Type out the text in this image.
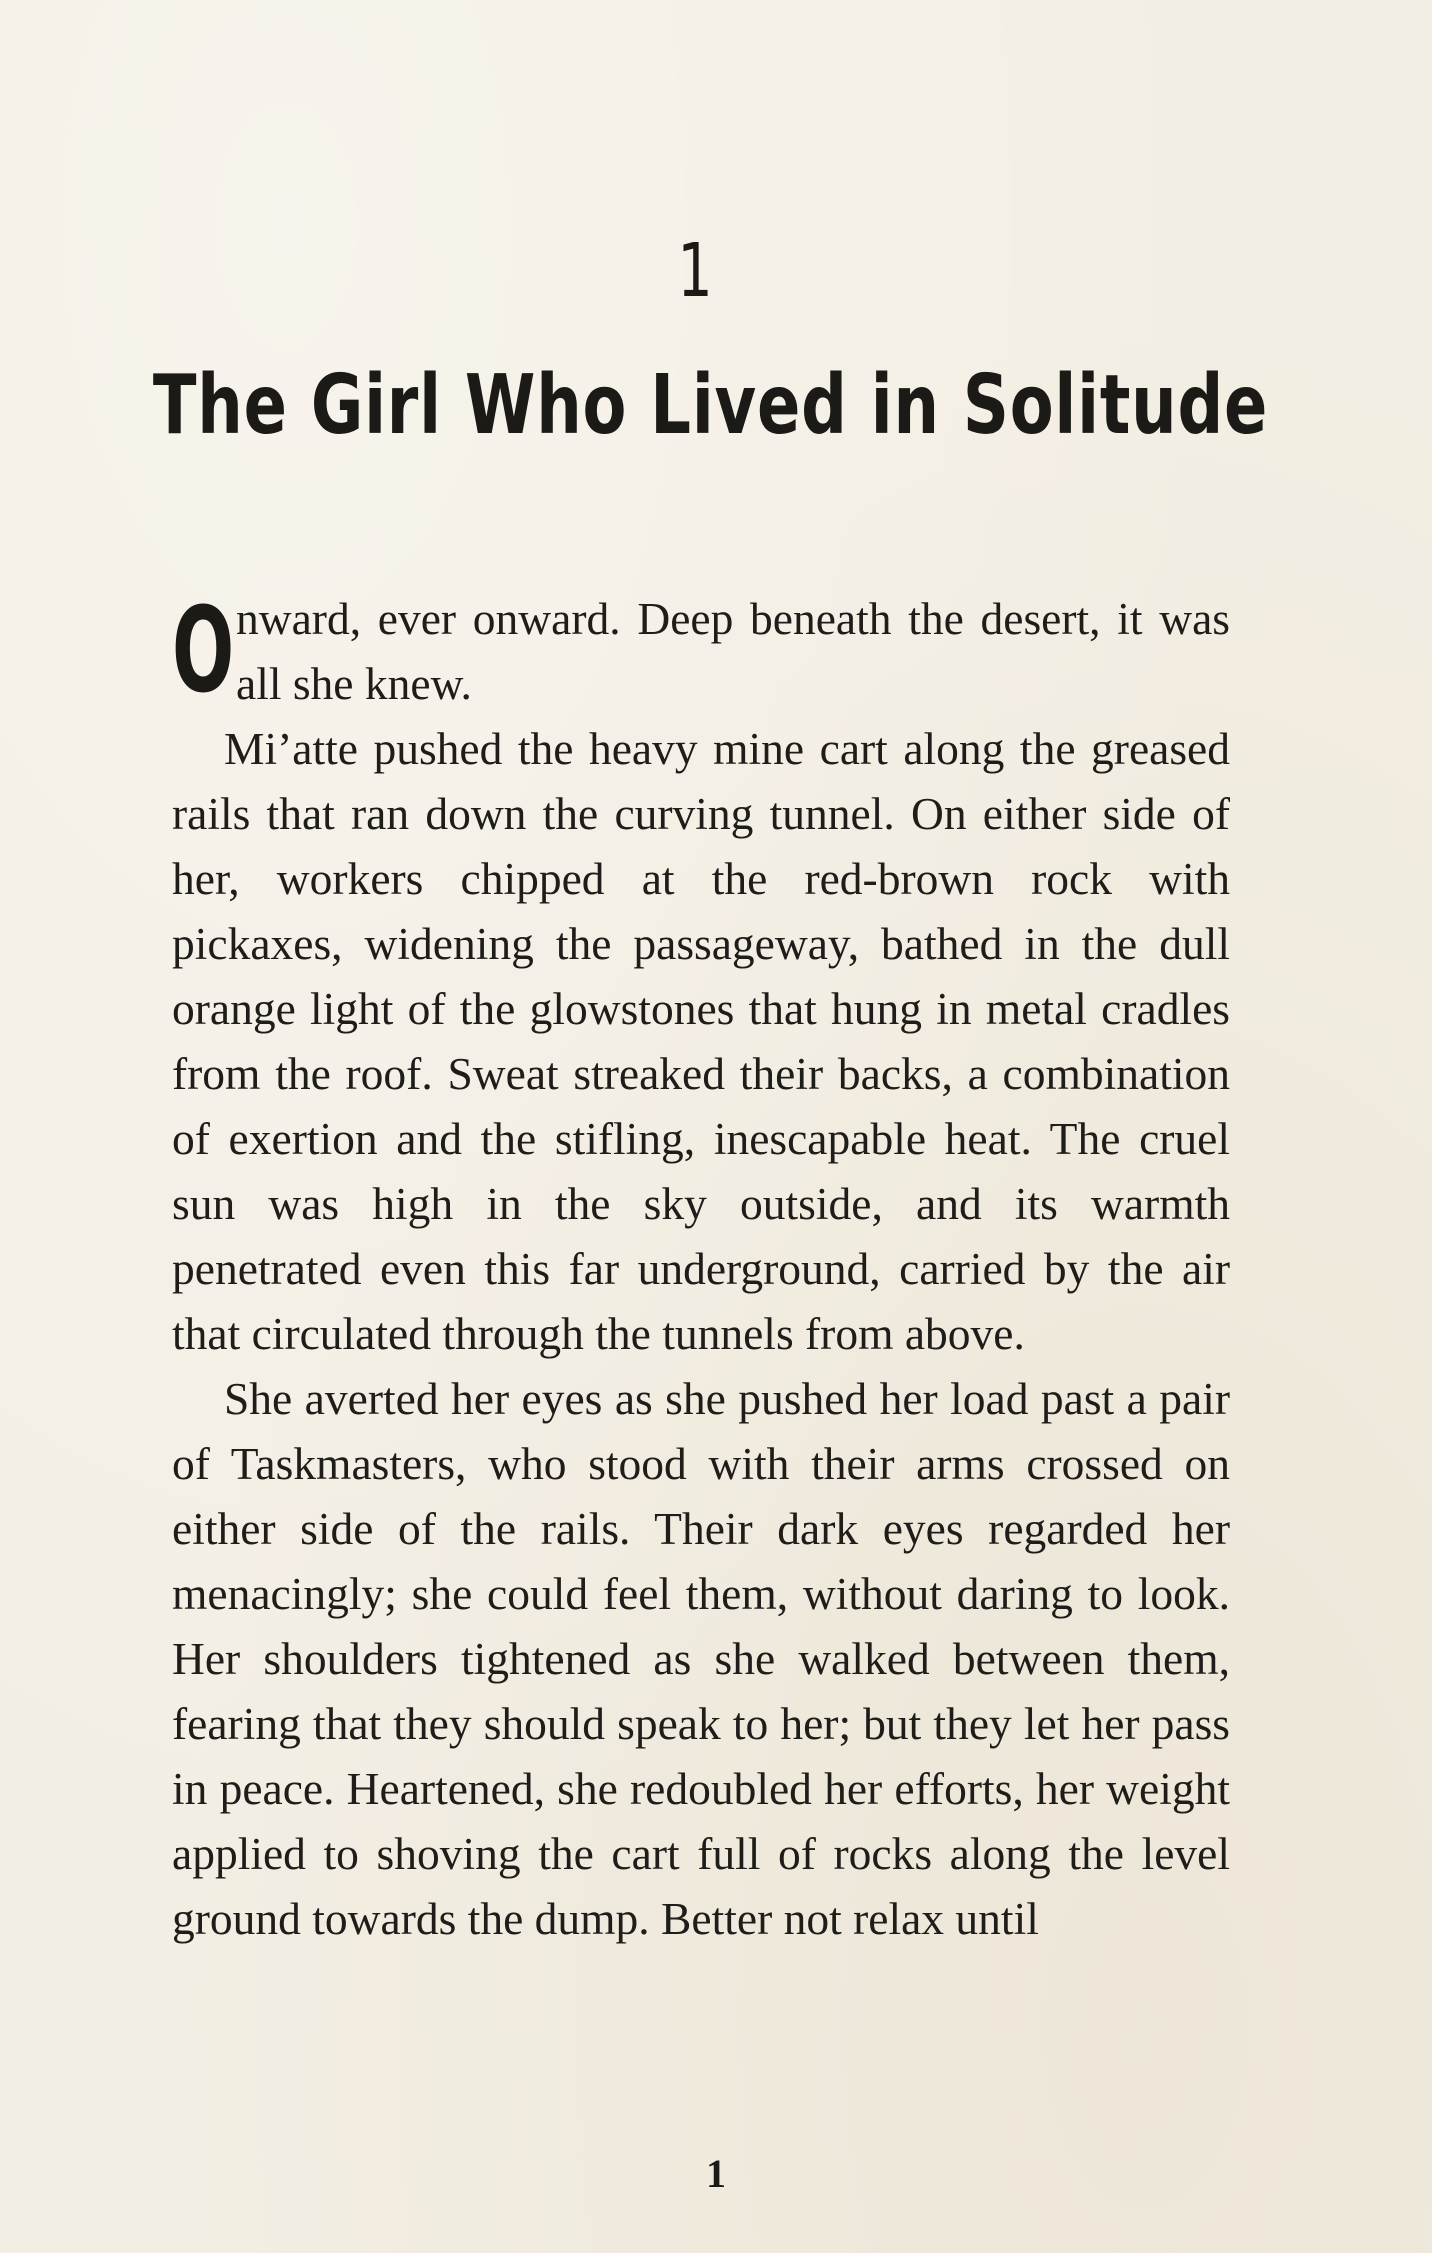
1
The Girl Who Lived in Solitude

Onward, ever onward. Deep beneath the desert, it was all she knew.

Mi’atte pushed the heavy mine cart along the greased rails that ran down the curving tunnel. On either side of her, workers chipped at the red-brown rock with pickaxes, widening the passageway, bathed in the dull orange light of the glowstones that hung in metal cradles from the roof. Sweat streaked their backs, a combination of exertion and the stifling, inescapable heat. The cruel sun was high in the sky outside, and its warmth penetrated even this far underground, carried by the air that circulated through the tunnels from above.

She averted her eyes as she pushed her load past a pair of Taskmasters, who stood with their arms crossed on either side of the rails. Their dark eyes regarded her menacingly; she could feel them, without daring to look. Her shoulders tightened as she walked between them, fearing that they should speak to her; but they let her pass in peace. Heartened, she redoubled her efforts, her weight applied to shoving the cart full of rocks along the level ground towards the dump. Better not relax until

1
